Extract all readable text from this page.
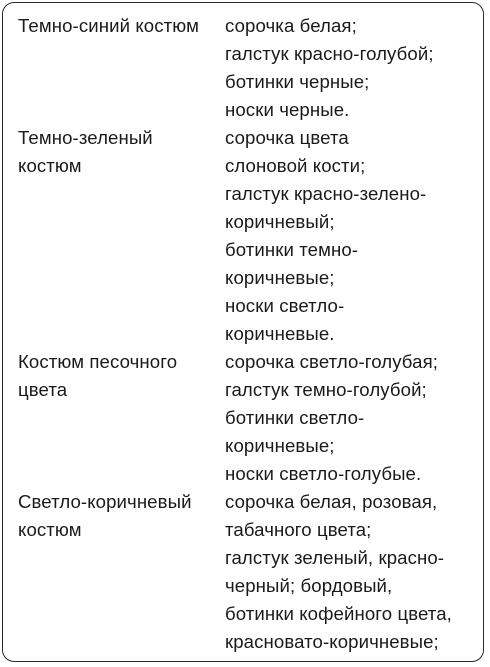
Темно-синий костюм	сорочка белая;
галстук красно-голубой;
ботинки черные;
носки черные.
Темно-зеленый
костюм
сорочка цвета
слоновой кости;
галстук красно-зелено-
коричневый;
ботинки темно-
коричневые;
носки светло-
коричневые.
Костюм песочного
цвета
сорочка светло-голубая;
галстук темно-голубой;
ботинки светло-
коричневые;
носки светло-голубые.
Светло-коричневый
костюм
сорочка белая, розовая,
табачного цвета;
галстук зеленый, красно-
черный; бордовый,
ботинки кофейного цвета,
красновато-коричневые;
